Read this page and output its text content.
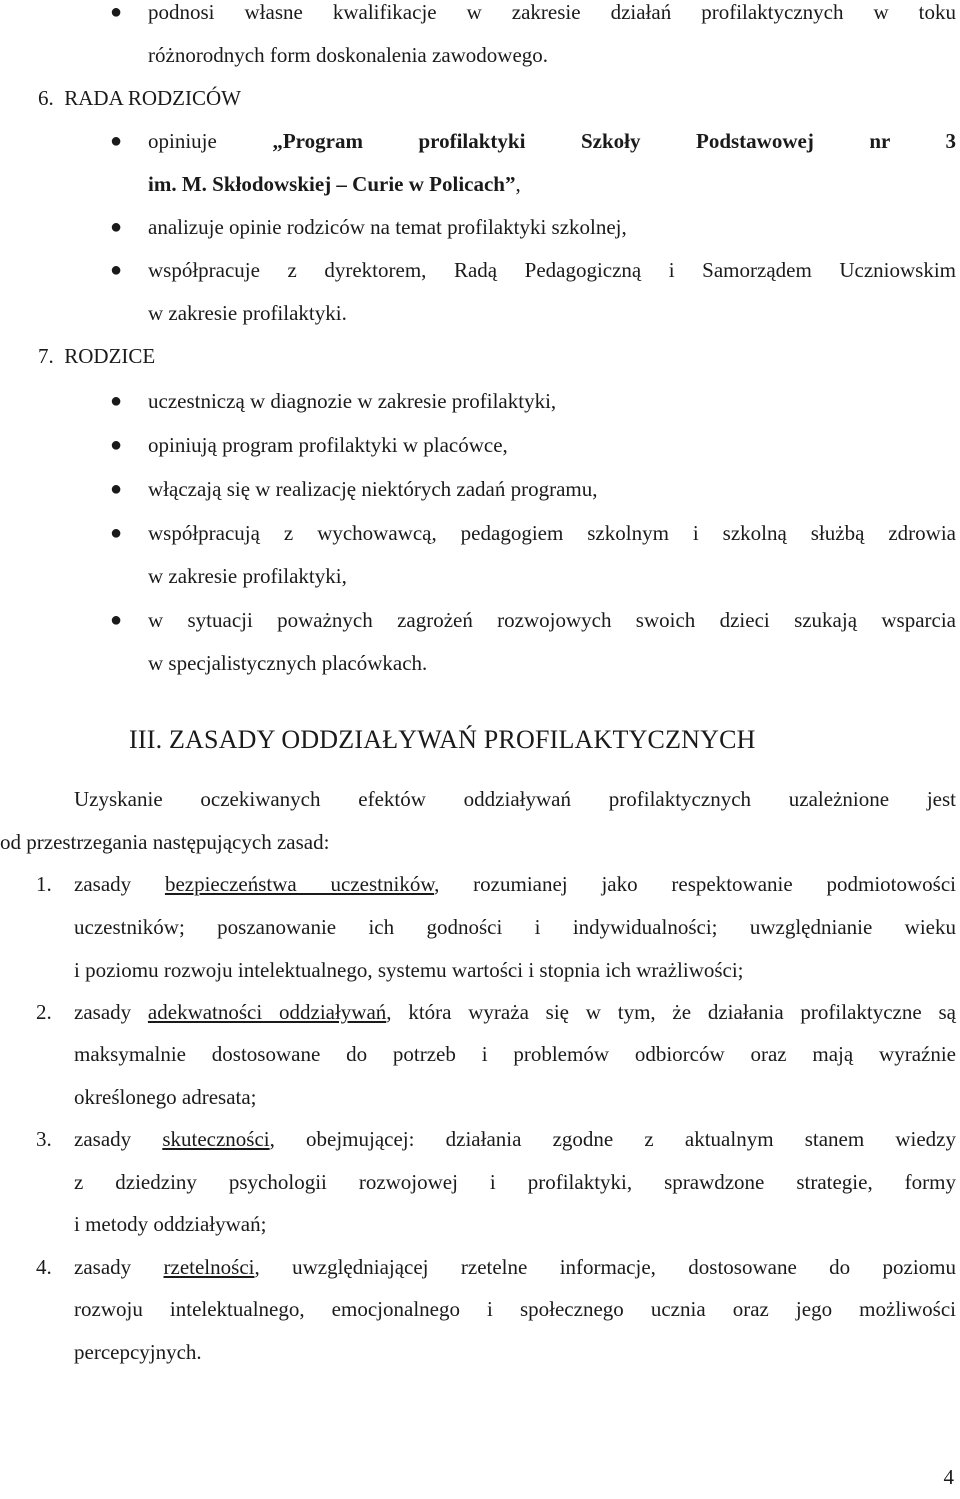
● podnosi własne kwalifikacje w zakresie działań profilaktycznych w toku
różnorodnych form doskonalenia zawodowego.
6. RADA RODZICÓW
● opiniuje „Program profilaktyki Szkoły Podstawowej nr 3
im. M. Skłodowskiej – Curie w Policach”,
● analizuje opinie rodziców na temat profilaktyki szkolnej,
● współpracuje z dyrektorem, Radą Pedagogiczną i Samorządem Uczniowskim
w zakresie profilaktyki.
7. RODZICE
● uczestniczą w diagnozie w zakresie profilaktyki,
● opiniują program profilaktyki w placówce,
● włączają się w realizację niektórych zadań programu,
● współpracują z wychowawcą, pedagogiem szkolnym i szkolną służbą zdrowia
w zakresie profilaktyki,
● w sytuacji poważnych zagrożeń rozwojowych swoich dzieci szukają wsparcia
w specjalistycznych placówkach.
III. ZASADY ODDZIAŁYWAŃ PROFILAKTYCZNYCH
Uzyskanie oczekiwanych efektów oddziaływań profilaktycznych uzależnione jest
od przestrzegania następujących zasad:
1. zasady bezpieczeństwa uczestników, rozumianej jako respektowanie podmiotowości
uczestników; poszanowanie ich godności i indywidualności; uwzględnianie wieku
i poziomu rozwoju intelektualnego, systemu wartości i stopnia ich wrażliwości;
2. zasady adekwatności oddziaływań, która wyraża się w tym, że działania profilaktyczne są
maksymalnie dostosowane do potrzeb i problemów odbiorców oraz mają wyraźnie
określonego adresata;
3. zasady skuteczności, obejmującej: działania zgodne z aktualnym stanem wiedzy
z dziedziny psychologii rozwojowej i profilaktyki, sprawdzone strategie, formy
i metody oddziaływań;
4. zasady rzetelności, uwzględniającej rzetelne informacje, dostosowane do poziomu
rozwoju intelektualnego, emocjonalnego i społecznego ucznia oraz jego możliwości
percepcyjnych.
4
